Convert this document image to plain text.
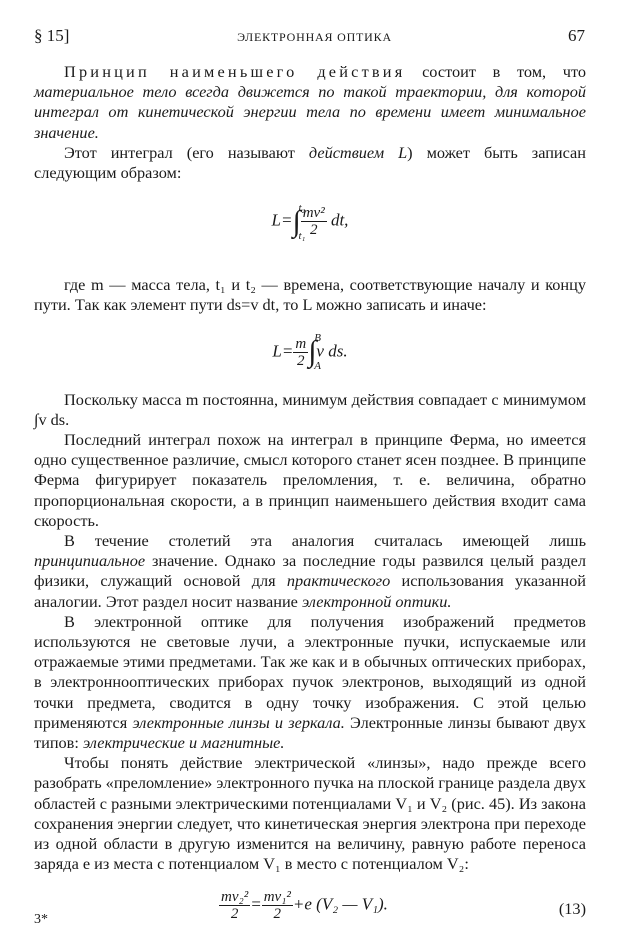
§ 15]	ЭЛЕКТРОННАЯ ОПТИКА	67

Принцип наименьшего действия состоит в том, что материальное тело всегда движется по такой траектории, для которой интеграл от кинетической энергии тела по времени имеет минимальное значение.

Этот интеграл (его называют действием L) может быть записан следующим образом:

L=∫
t₂
t₁
$\frac{\text{mv²}}{2}$ dt,

где m — масса тела, t₁ и t₂ — времена, соответствующие началу и концу пути. Так как элемент пути ds=v dt, то L можно записать и иначе:

$L= \frac{m}{2}$ ∫
B
A
v ds.

Поскольку масса m постоянна, минимум действия совпадает с минимумом ∫v ds.

Последний интеграл похож на интеграл в принципе Ферма, но имеется одно существенное различие, смысл которого станет ясен позднее. В принципе Ферма фигурирует показатель преломления, т. е. величина, обратно пропорциональная скорости, а в принцип наименьшего действия входит сама скорость.

В течение столетий эта аналогия считалась имеющей лишь принципиальное значение. Однако за последние годы развился целый раздел физики, служащий основой для практического использования указанной аналогии. Этот раздел носит название электронной оптики.

В электронной оптике для получения изображений предметов используются не световые лучи, а электронные пучки, испускаемые или отражаемые этими предметами. Так же как и в обычных оптических приборах, в электроннооптических приборах пучок электронов, выходящий из одной точки предмета, сводится в одну точку изображения. С этой целью применяются электронные линзы и зеркала. Электронные линзы бывают двух типов: электрические и магнитные.

Чтобы понять действие электрической «линзы», надо прежде всего разобрать «преломление» электронного пучка на плоской границе раздела двух областей с разными электрическими потенциалами V₁ и V₂ (рис. 45). Из закона сохранения энергии следует, что кинетическая энергия электрона при переходе из одной области в другую изменится на величину, равную работе переноса заряда e из места с потенциалом V₁ в место с потенциалом V₂:

$\frac{\text{mv₂²}}{2} = \frac{\text{mv₁²}}{2} +e$ (V₂ — V₁).	(13)
3*
